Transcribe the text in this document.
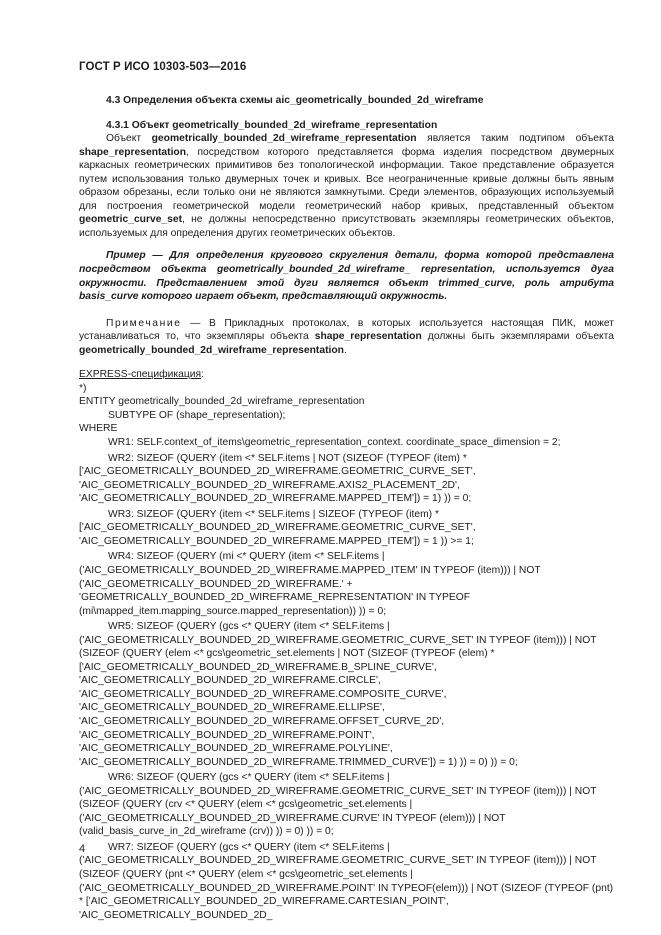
ГОСТ Р ИСО 10303-503—2016

4.3 Определения объекта схемы aic_geometrically_bounded_2d_wireframe

4.3.1 Объект geometrically_bounded_2d_wireframe_representation

Объект geometrically_bounded_2d_wireframe_representation является таким подтипом объекта shape_representation, посредством которого представляется форма изделия посредством двумерных каркасных геометрических примитивов без топологической информации. Такое представление образуется путем использования только двумерных точек и кривых. Все неограниченные кривые должны быть явным образом обрезаны, если только они не являются замкнутыми. Среди элементов, образующих используемый для построения геометрической модели геометрический набор кривых, представленный объектом geometric_curve_set, не должны непосредственно присутствовать экземпляры геометрических объектов, используемых для определения других геометрических объектов.

Пример — Для определения кругового скругления детали, форма которой представлена посредством объекта geometrically_bounded_2d_wireframe_ representation, используется дуга окружности. Представлением этой дуги является объект trimmed_curve, роль атрибута basis_curve которого играет объект, представляющий окружность.

Примечание — В Прикладных протоколах, в которых используется настоящая ПИК, может устанавливаться то, что экземпляры объекта shape_representation должны быть экземплярами объекта geometrically_bounded_2d_wireframe_representation.

EXPRESS-спецификация:

*)

ENTITY geometrically_bounded_2d_wireframe_representation

SUBTYPE OF (shape_representation);

WHERE

WR1: SELF.context_of_items\geometric_representation_context. coordinate_space_dimension = 2;

WR2: SIZEOF (QUERY (item <* SELF.items | NOT (SIZEOF (TYPEOF (item) * ['AIC_GEOMETRICALLY_BOUNDED_2D_WIREFRAME.GEOMETRIC_CURVE_SET', 'AIC_GEOMETRICALLY_BOUNDED_2D_WIREFRAME.AXIS2_PLACEMENT_2D', 'AIC_GEOMETRICALLY_BOUNDED_2D_WIREFRAME.MAPPED_ITEM']) = 1) )) = 0;

WR3: SIZEOF (QUERY (item <* SELF.items | SIZEOF (TYPEOF (item) * ['AIC_GEOMETRICALLY_BOUNDED_2D_WIREFRAME.GEOMETRIC_CURVE_SET', 'AIC_GEOMETRICALLY_BOUNDED_2D_WIREFRAME.MAPPED_ITEM']) = 1 )) >= 1;

WR4: SIZEOF (QUERY (mi <* QUERY (item <* SELF.items | ('AIC_GEOMETRICALLY_BOUNDED_2D_WIREFRAME.MAPPED_ITEM' IN TYPEOF (item))) | NOT ('AIC_GEOMETRICALLY_BOUNDED_2D_WIREFRAME.' + 'GEOMETRICALLY_BOUNDED_2D_WIREFRAME_REPRESENTATION' IN TYPEOF (mi\mapped_item.mapping_source.mapped_representation)) )) = 0;

WR5: SIZEOF (QUERY (gcs <* QUERY (item <* SELF.items | ('AIC_GEOMETRICALLY_BOUNDED_2D_WIREFRAME.GEOMETRIC_CURVE_SET' IN TYPEOF (item))) | NOT (SIZEOF (QUERY (elem <* gcs\geometric_set.elements | NOT (SIZEOF (TYPEOF (elem) * ['AIC_GEOMETRICALLY_BOUNDED_2D_WIREFRAME.B_SPLINE_CURVE', 'AIC_GEOMETRICALLY_BOUNDED_2D_WIREFRAME.CIRCLE', 'AIC_GEOMETRICALLY_BOUNDED_2D_WIREFRAME.COMPOSITE_CURVE', 'AIC_GEOMETRICALLY_BOUNDED_2D_WIREFRAME.ELLIPSE', 'AIC_GEOMETRICALLY_BOUNDED_2D_WIREFRAME.OFFSET_CURVE_2D', 'AIC_GEOMETRICALLY_BOUNDED_2D_WIREFRAME.POINT', 'AIC_GEOMETRICALLY_BOUNDED_2D_WIREFRAME.POLYLINE', 'AIC_GEOMETRICALLY_BOUNDED_2D_WIREFRAME.TRIMMED_CURVE']) = 1) )) = 0) )) = 0;

WR6: SIZEOF (QUERY (gcs <* QUERY (item <* SELF.items | ('AIC_GEOMETRICALLY_BOUNDED_2D_WIREFRAME.GEOMETRIC_CURVE_SET' IN TYPEOF (item))) | NOT (SIZEOF (QUERY (crv <* QUERY (elem <* gcs\geometric_set.elements | ('AIC_GEOMETRICALLY_BOUNDED_2D_WIREFRAME.CURVE' IN TYPEOF (elem))) | NOT (valid_basis_curve_in_2d_wireframe (crv)) )) = 0) )) = 0;

WR7: SIZEOF (QUERY (gcs <* QUERY (item <* SELF.items | ('AIC_GEOMETRICALLY_BOUNDED_2D_WIREFRAME.GEOMETRIC_CURVE_SET' IN TYPEOF (item))) | NOT (SIZEOF (QUERY (pnt <* QUERY (elem <* gcs\geometric_set.elements | ('AIC_GEOMETRICALLY_BOUNDED_2D_WIREFRAME.POINT' IN TYPEOF(elem))) | NOT (SIZEOF (TYPEOF (pnt) * ['AIC_GEOMETRICALLY_BOUNDED_2D_WIREFRAME.CARTESIAN_POINT', 'AIC_GEOMETRICALLY_BOUNDED_2D_

4
